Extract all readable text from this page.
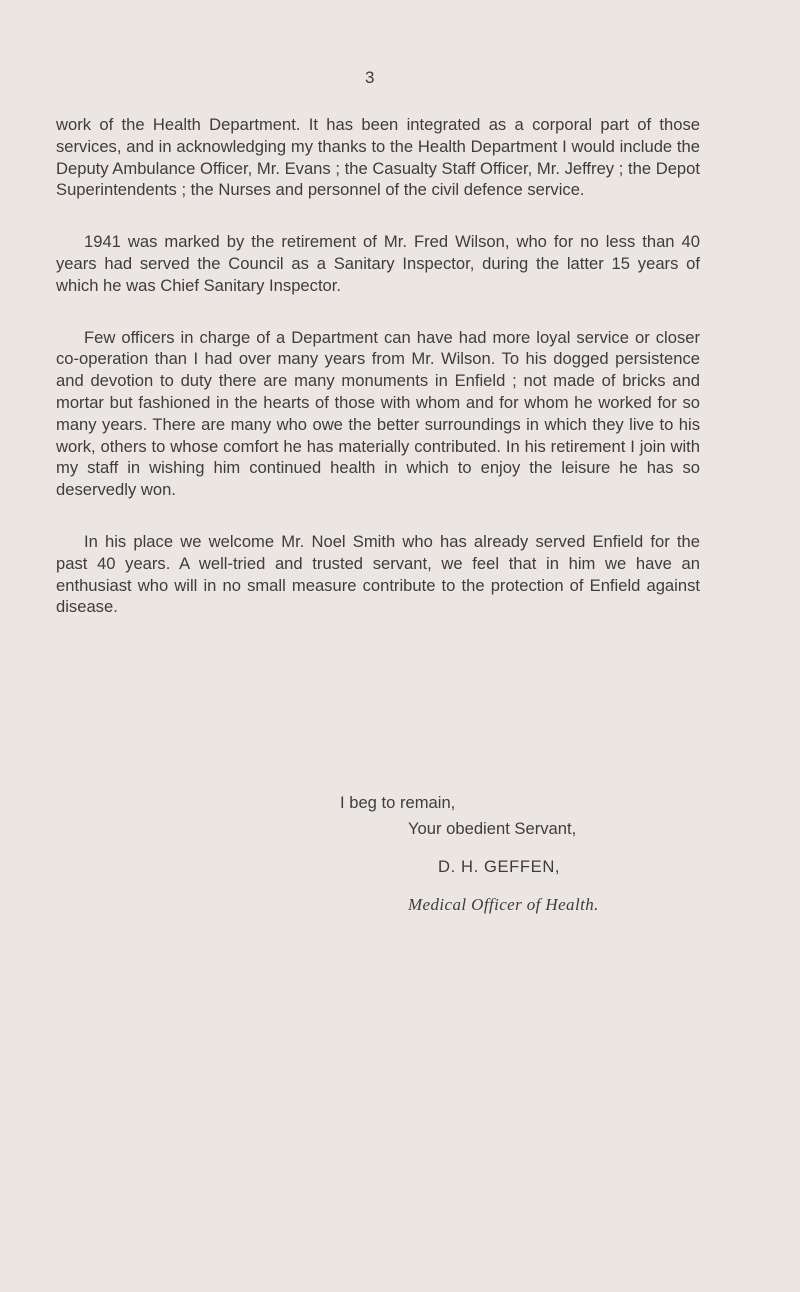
3

work of the Health Department. It has been integrated as a corporal part of those services, and in acknowledging my thanks to the Health Department I would include the Deputy Ambulance Officer, Mr. Evans ; the Casualty Staff Officer, Mr. Jeffrey ; the Depot Superintendents ; the Nurses and personnel of the civil defence service.

1941 was marked by the retirement of Mr. Fred Wilson, who for no less than 40 years had served the Council as a Sanitary Inspector, during the latter 15 years of which he was Chief Sanitary Inspector.

Few officers in charge of a Department can have had more loyal service or closer co-operation than I had over many years from Mr. Wilson. To his dogged persistence and devotion to duty there are many monuments in Enfield ; not made of bricks and mortar but fashioned in the hearts of those with whom and for whom he worked for so many years. There are many who owe the better surroundings in which they live to his work, others to whose comfort he has materially contributed. In his retirement I join with my staff in wishing him continued health in which to enjoy the leisure he has so deservedly won.

In his place we welcome Mr. Noel Smith who has already served Enfield for the past 40 years. A well-tried and trusted servant, we feel that in him we have an enthusiast who will in no small measure contribute to the protection of Enfield against disease.

I beg to remain,
Your obedient Servant,
D. H. GEFFEN,
Medical Officer of Health.
